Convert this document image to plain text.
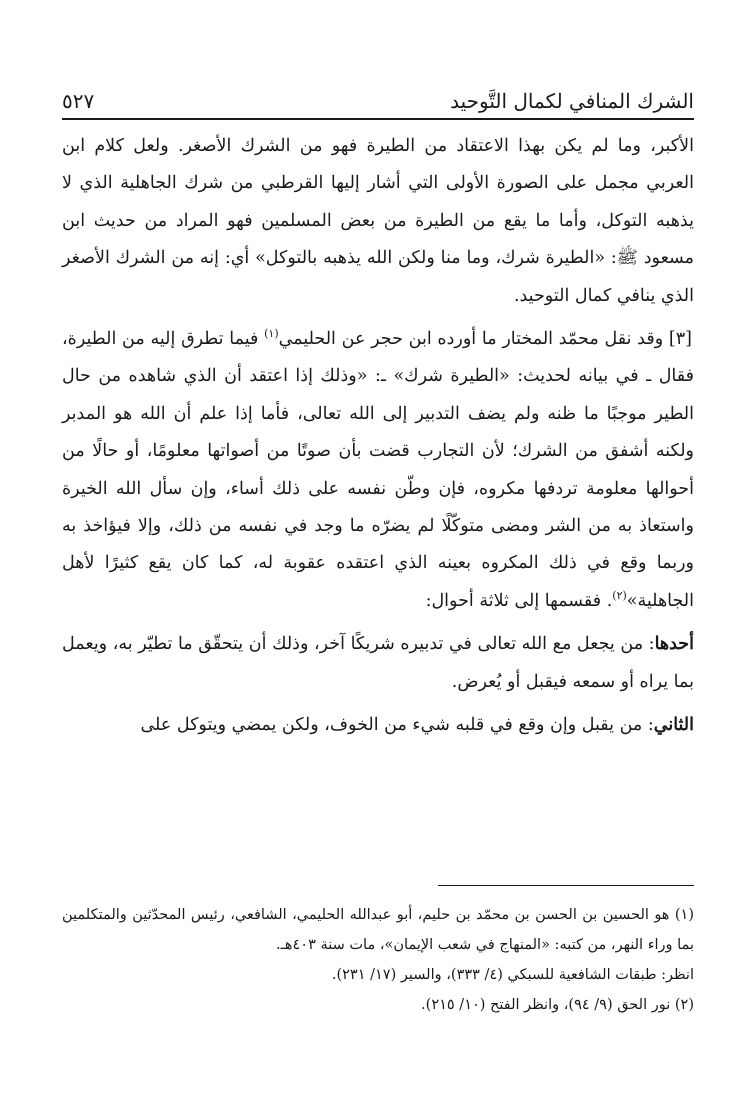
الشرك المنافي لكمال التَّوحيد
٥٢٧

الأكبر، وما لم يكن بهذا الاعتقاد من الطيرة فهو من الشرك الأصغر. ولعل كلام ابن العربي مجمل على الصورة الأولى التي أشار إليها القرطبي من شرك الجاهلية الذي لا يذهبه التوكل، وأما ما يقع من الطيرة من بعض المسلمين فهو المراد من حديث ابن مسعود ﷺ: «الطيرة شرك، وما منا ولكن الله يذهبه بالتوكل» أي: إنه من الشرك الأصغر الذي ينافي كمال التوحيد.

[٣] وقد نقل محمّد المختار ما أورده ابن حجر عن الحليمي$^{(١)}$ فيما تطرق إليه من الطيرة، فقال ـ في بيانه لحديث: «الطيرة شرك» ـ: «وذلك إذا اعتقد أن الذي شاهده من حال الطير موجبًا ما ظنه ولم يضف التدبير إلى الله تعالى، فأما إذا علم أن الله هو المدبر ولكنه أشفق من الشرك؛ لأن التجارب قضت بأن صوتًا من أصواتها معلومًا، أو حالًا من أحوالها معلومة تردفها مكروه، فإن وطّن نفسه على ذلك أساء، وإن سأل الله الخيرة واستعاذ به من الشر ومضى متوكّلًا لم يضرّه ما وجد في نفسه من ذلك، وإلا فيؤاخذ به وربما وقع في ذلك المكروه بعينه الذي اعتقده عقوبة له، كما كان يقع كثيرًا لأهل الجاهلية»$^{(٢)}$. فقسمها إلى ثلاثة أحوال:

أحدها: من يجعل مع الله تعالى في تدبيره شريكًا آخر، وذلك أن يتحقّق ما تطيّر به، ويعمل بما يراه أو سمعه فيقبل أو يُعرض.

الثاني: من يقبل وإن وقع في قلبه شيء من الخوف، ولكن يمضي ويتوكل على

(١) هو الحسين بن الحسن بن محمّد بن حليم، أبو عبدالله الحليمي، الشافعي، رئيس المحدّثين والمتكلمين بما وراء النهر، من كتبه: «المنهاج في شعب الإيمان»، مات سنة ٤٠٣هـ.

انظر: طبقات الشافعية للسبكي (٤/ ٣٣٣)، والسير (١٧/ ٢٣١).

(٢) نور الحق (٩/ ٩٤)، وانظر الفتح (١٠/ ٢١٥).
